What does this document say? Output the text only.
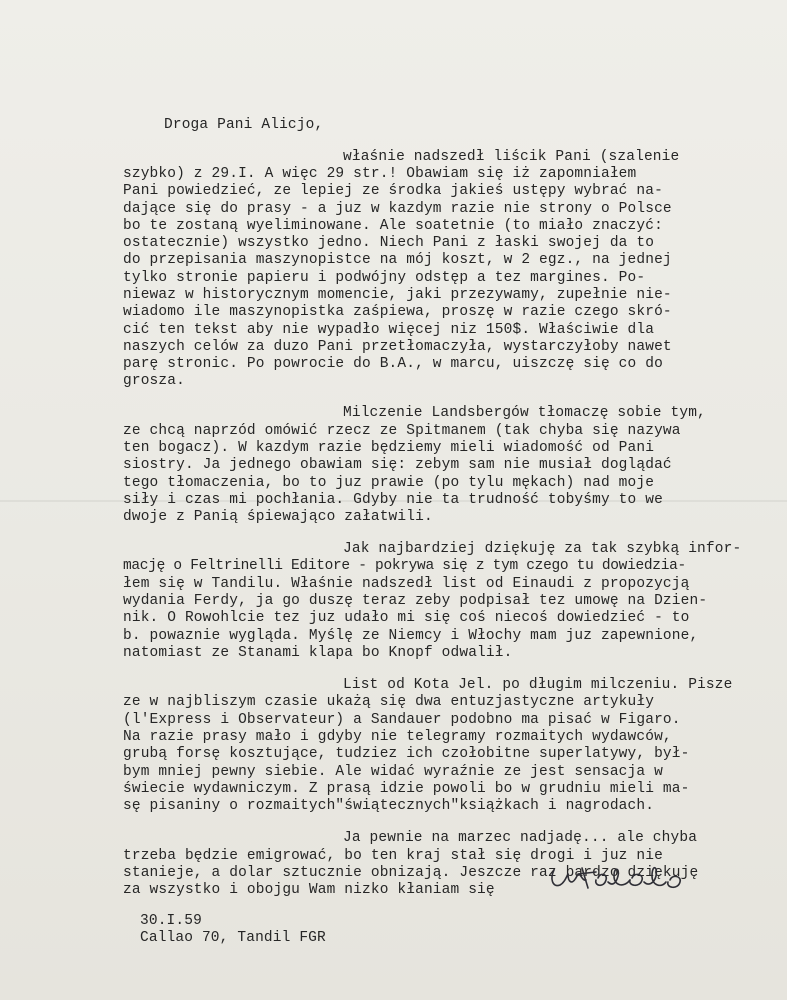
Droga Pani Alicjo,
właśnie nadszedł liścik Pani (szalenie
szybko) z 29.I. A więc 29 str.! Obawiam się iż zapomniałem
Pani powiedzieć, ze lepiej ze środka jakieś ustępy wybrać na-
dające się do prasy - a juz w kazdym razie nie strony o Polsce
bo te zostaną wyeliminowane. Ale soatetnie (to miało znaczyć:
ostatecznie) wszystko jedno. Niech Pani z łaski swojej da to
do przepisania maszynopistce na mój koszt, w 2 egz., na jednej
tylko stronie papieru i podwójny odstęp a tez margines. Po-
niewaz w historycznym momencie, jaki przezywamy, zupełnie nie-
wiadomo ile maszynopistka zaśpiewa, proszę w razie czego skró-
cić ten tekst aby nie wypadło więcej niz 150$. Właściwie dla
naszych celów za duzo Pani przetłomaczyła, wystarczyłoby nawet
parę stronic. Po powrocie do B.A., w marcu, uiszczę się co do
grosza.
Milczenie Landsbergów tłomaczę sobie tym,
ze chcą naprzód omówić rzecz ze Spitmanem (tak chyba się nazywa
ten bogacz). W kazdym razie będziemy mieli wiadomość od Pani
siostry. Ja jednego obawiam się: zebym sam nie musiał doglądać
tego tłomaczenia, bo to juz prawie (po tylu mękach) nad moje
siły i czas mi pochłania. Gdyby nie ta trudność tobyśmy to we
dwoje z Panią śpiewająco załatwili.
Jak najbardziej dziękuję za tak szybką infor-
mację o Feltrinelli Editore - pokrywa się z tym czego tu dowiedzia-
łem się w Tandilu. Właśnie nadszedł list od Einaudi z propozycją
wydania Ferdy, ja go duszę teraz zeby podpisał tez umowę na Dzien-
nik. O Rowohlcie tez juz udało mi się coś niecoś dowiedzieć - to
b. powaznie wygląda. Myślę ze Niemcy i Włochy mam juz zapewnione,
natomiast ze Stanami klapa bo Knopf odwalił.
List od Kota Jel. po długim milczeniu. Pisze
ze w najbliszym czasie ukażą się dwa entuzjastyczne artykuły
(l'Express i Observateur) a Sandauer podobno ma pisać w Figaro.
Na razie prasy mało i gdyby nie telegramy rozmaitych wydawców,
grubą forsę kosztujące, tudziez ich czołobitne superlatywy, był-
bym mniej pewny siebie. Ale widać wyraźnie ze jest sensacja w
świecie wydawniczym. Z prasą idzie powoli bo w grudniu mieli ma-
sę pisaniny o rozmaitych"świątecznych"książkach i nagrodach.
Ja pewnie na marzec nadjadę... ale chyba
trzeba będzie emigrować, bo ten kraj stał się drogi i juz nie
stanieje, a dolar sztucznie obnizają. Jeszcze raz bardzo dziękuję
za wszystko i obojgu Wam nizko kłaniam się
30.I.59
Callao 70, Tandil FGR
